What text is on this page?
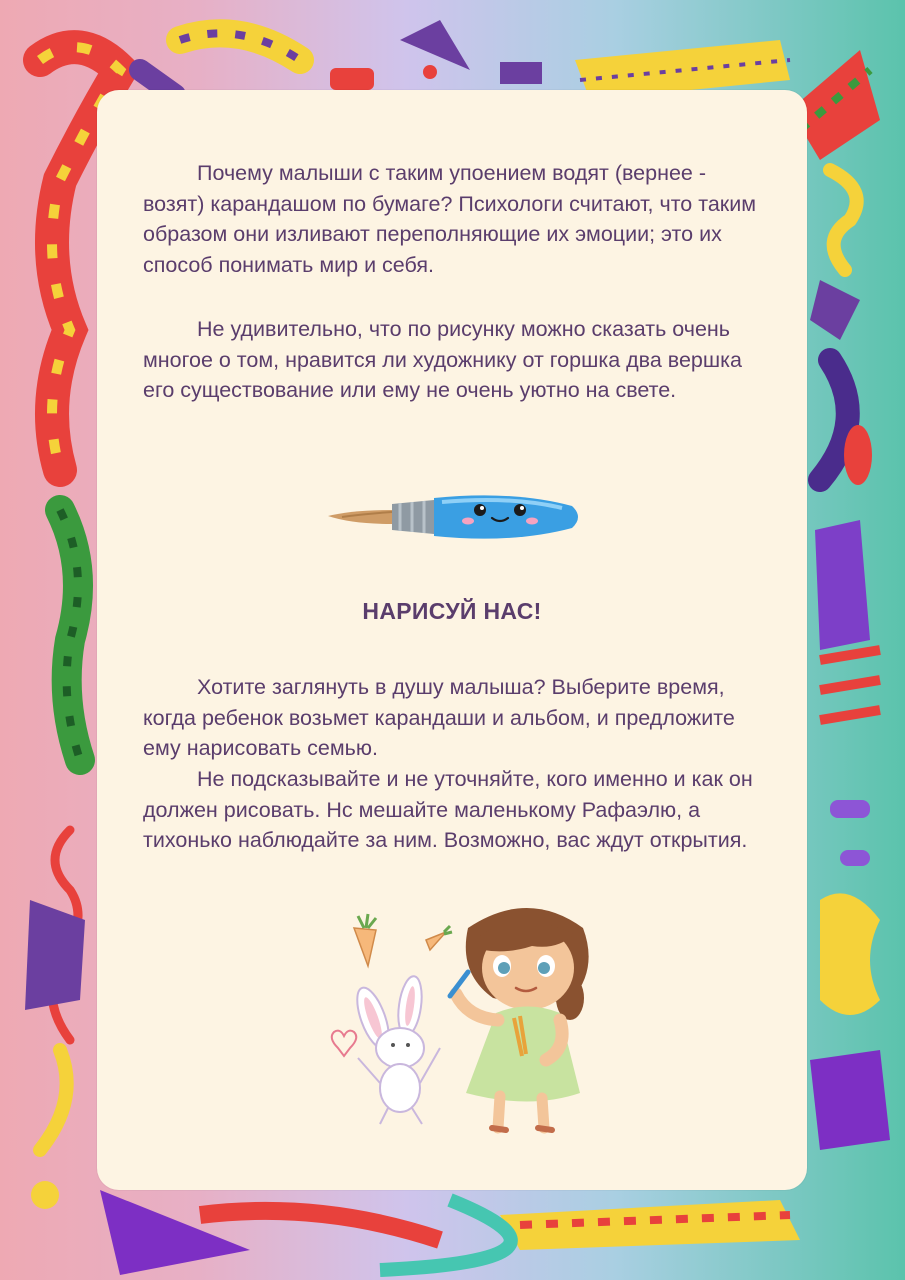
Почему малыши с таким упоением водят (вернее - возят) карандашом по бумаге? Психологи считают, что таким образом они изливают переполняющие их эмоции; это их способ понимать мир и себя.

Не удивительно, что по рисунку можно сказать очень многое о том, нравится ли художнику от горшка два вершка его существование или ему не очень уютно на свете.

НАРИСУЙ НАС!

Хотите заглянуть в душу малыша? Выберите время, когда ребенок возьмет карандаши и альбом, и предложите ему нарисовать семью.

Не подсказывайте и не уточняйте, кого именно и как он должен рисовать. Нс мешайте маленькому Рафаэлю, а тихонько наблюдайте за ним. Возможно, вас ждут открытия.
